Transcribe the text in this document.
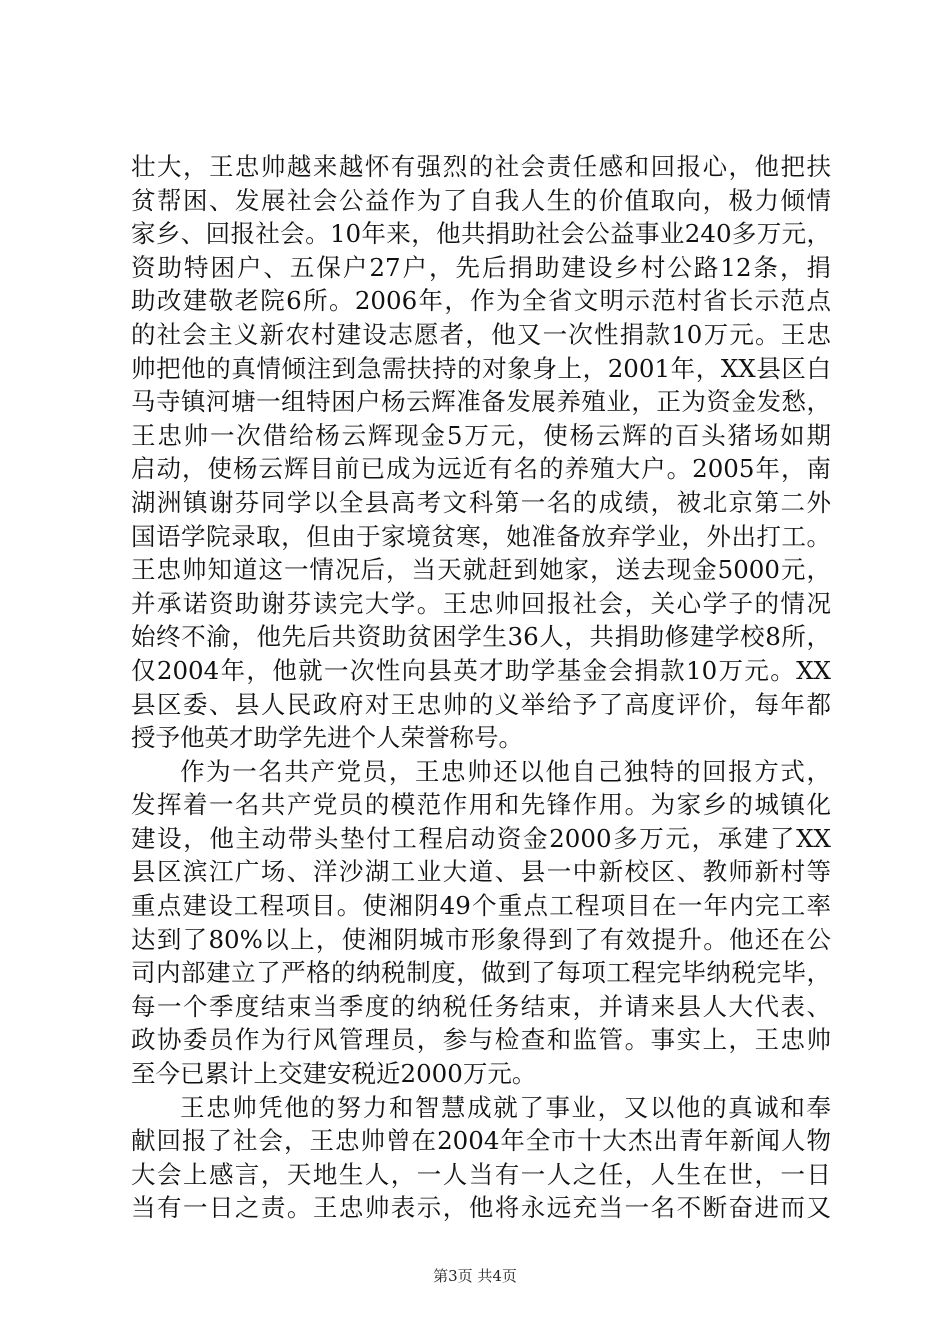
壮大，王忠帅越来越怀有强烈的社会责任感和回报心，他把扶
贫帮困、发展社会公益作为了自我人生的价值取向，极力倾情
家乡、回报社会。10年来，他共捐助社会公益事业240多万元，
资助特困户、五保户27户，先后捐助建设乡村公路12条，捐
助改建敬老院6所。2006年，作为全省文明示范村省长示范点
的社会主义新农村建设志愿者，他又一次性捐款10万元。王忠
帅把他的真情倾注到急需扶持的对象身上，2001年，XX县区白
马寺镇河塘一组特困户杨云辉准备发展养殖业，正为资金发愁，
王忠帅一次借给杨云辉现金5万元，使杨云辉的百头猪场如期
启动，使杨云辉目前已成为远近有名的养殖大户。2005年，南
湖洲镇谢芬同学以全县高考文科第一名的成绩，被北京第二外
国语学院录取，但由于家境贫寒，她准备放弃学业，外出打工。
王忠帅知道这一情况后，当天就赶到她家，送去现金5000元，
并承诺资助谢芬读完大学。王忠帅回报社会，关心学子的情况
始终不渝，他先后共资助贫困学生36人，共捐助修建学校8所，
仅2004年，他就一次性向县英才助学基金会捐款10万元。XX
县区委、县人民政府对王忠帅的义举给予了高度评价，每年都
授予他英才助学先进个人荣誉称号。
作为一名共产党员，王忠帅还以他自己独特的回报方式，
发挥着一名共产党员的模范作用和先锋作用。为家乡的城镇化
建设，他主动带头垫付工程启动资金2000多万元，承建了XX
县区滨江广场、洋沙湖工业大道、县一中新校区、教师新村等
重点建设工程项目。使湘阴49个重点工程项目在一年内完工率
达到了80%以上，使湘阴城市形象得到了有效提升。他还在公
司内部建立了严格的纳税制度，做到了每项工程完毕纳税完毕，
每一个季度结束当季度的纳税任务结束，并请来县人大代表、
政协委员作为行风管理员，参与检查和监管。事实上，王忠帅
至今已累计上交建安税近2000万元。
王忠帅凭他的努力和智慧成就了事业，又以他的真诚和奉
献回报了社会，王忠帅曾在2004年全市十大杰出青年新闻人物
大会上感言，天地生人，一人当有一人之任，人生在世，一日
当有一日之责。王忠帅表示，他将永远充当一名不断奋进而又
第3页 共4页
